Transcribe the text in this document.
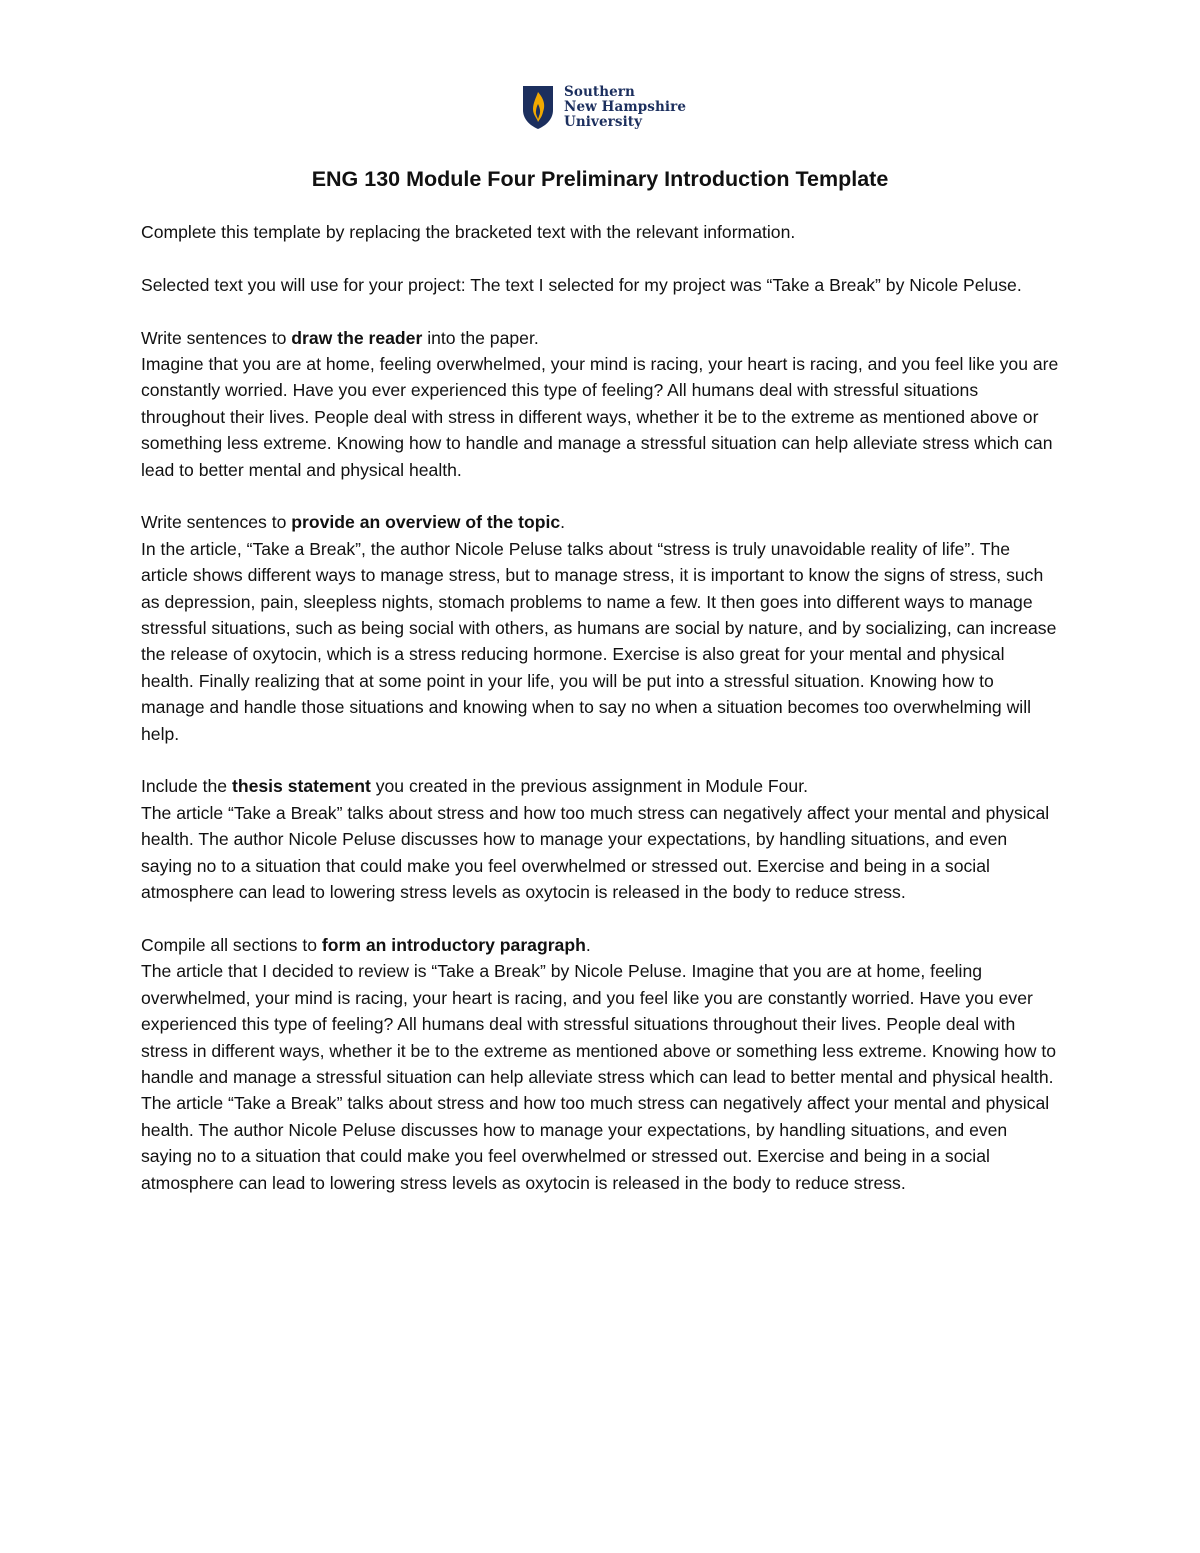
Southern
New Hampshire
University
ENG 130 Module Four Preliminary Introduction Template

Complete this template by replacing the bracketed text with the relevant information.

Selected text you will use for your project: The text I selected for my project was “Take a Break” by Nicole Peluse.

Write sentences to draw the reader into the paper.

Imagine that you are at home, feeling overwhelmed, your mind is racing, your heart is racing, and you feel like you are constantly worried. Have you ever experienced this type of feeling? All humans deal with stressful situations throughout their lives. People deal with stress in different ways, whether it be to the extreme as mentioned above or something less extreme. Knowing how to handle and manage a stressful situation can help alleviate stress which can lead to better mental and physical health.

Write sentences to provide an overview of the topic.

In the article, “Take a Break”, the author Nicole Peluse talks about “stress is truly unavoidable reality of life”. The article shows different ways to manage stress, but to manage stress, it is important to know the signs of stress, such as depression, pain, sleepless nights, stomach problems to name a few. It then goes into different ways to manage stressful situations, such as being social with others, as humans are social by nature, and by socializing, can increase the release of oxytocin, which is a stress reducing hormone. Exercise is also great for your mental and physical health. Finally realizing that at some point in your life, you will be put into a stressful situation. Knowing how to manage and handle those situations and knowing when to say no when a situation becomes too overwhelming will help.

Include the thesis statement you created in the previous assignment in Module Four.

The article “Take a Break” talks about stress and how too much stress can negatively affect your mental and physical health. The author Nicole Peluse discusses how to manage your expectations, by handling situations, and even saying no to a situation that could make you feel overwhelmed or stressed out. Exercise and being in a social atmosphere can lead to lowering stress levels as oxytocin is released in the body to reduce stress.

Compile all sections to form an introductory paragraph.

The article that I decided to review is “Take a Break” by Nicole Peluse. Imagine that you are at home, feeling overwhelmed, your mind is racing, your heart is racing, and you feel like you are constantly worried. Have you ever experienced this type of feeling? All humans deal with stressful situations throughout their lives. People deal with stress in different ways, whether it be to the extreme as mentioned above or something less extreme. Knowing how to handle and manage a stressful situation can help alleviate stress which can lead to better mental and physical health. The article “Take a Break” talks about stress and how too much stress can negatively affect your mental and physical health. The author Nicole Peluse discusses how to manage your expectations, by handling situations, and even saying no to a situation that could make you feel overwhelmed or stressed out. Exercise and being in a social atmosphere can lead to lowering stress levels as oxytocin is released in the body to reduce stress.
